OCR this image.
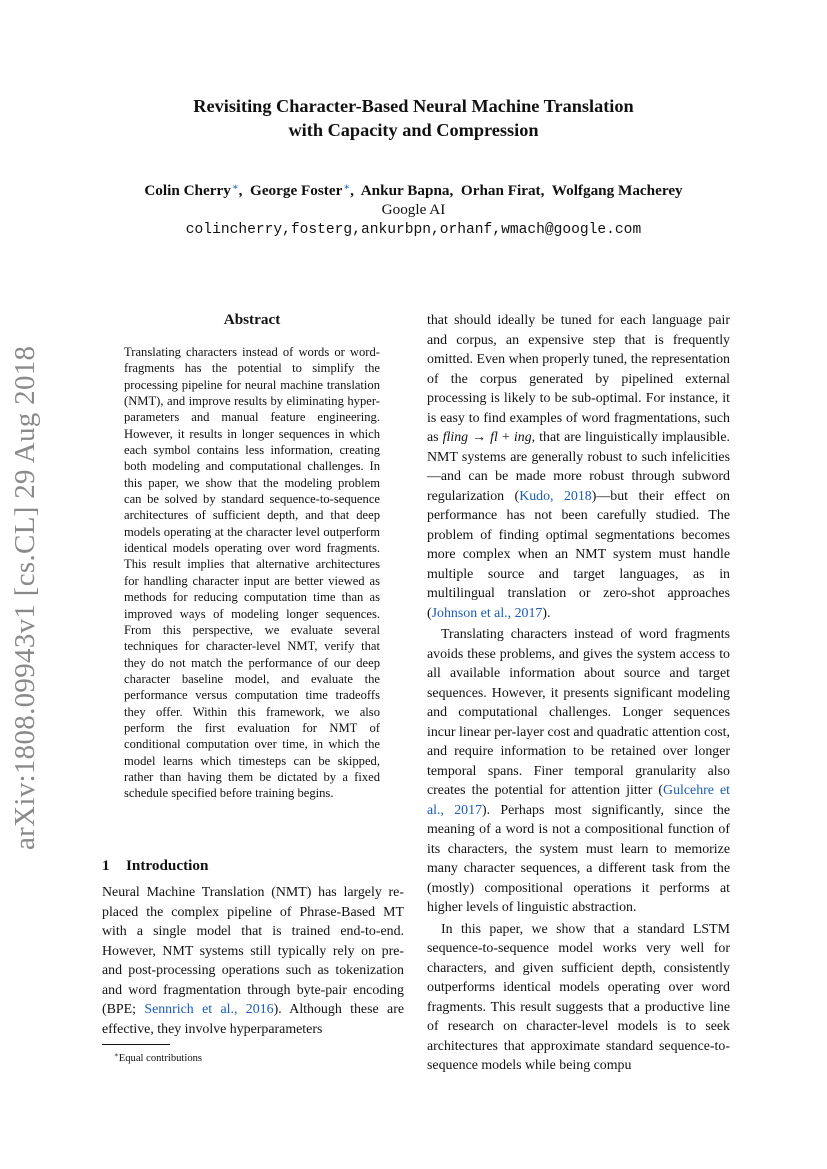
arXiv:1808.09943v1 [cs.CL] 29 Aug 2018
Revisiting Character-Based Neural Machine Translation
with Capacity and Compression
Colin Cherry∗,  George Foster∗,  Ankur Bapna,  Orhan Firat,  Wolfgang Macherey
Google AI
colincherry,fosterg,ankurbpn,orhanf,wmach@google.com
Abstract

Translating characters instead of words or word-fragments has the potential to simplify the processing pipeline for neural machine translation (NMT), and improve results by eliminating hyper-parameters and manual feature engineering. However, it results in longer sequences in which each symbol contains less information, creating both modeling and computational challenges. In this paper, we show that the modeling problem can be solved by standard sequence-to-sequence architectures of sufficient depth, and that deep models operating at the character level outperform identical models operating over word fragments. This result implies that alternative architectures for handling character input are better viewed as methods for reducing computation time than as improved ways of modeling longer sequences. From this perspective, we evaluate several techniques for character-level NMT, verify that they do not match the performance of our deep character baseline model, and evaluate the performance versus computation time tradeoffs they offer. Within this framework, we also perform the first evaluation for NMT of conditional computation over time, in which the model learns which timesteps can be skipped, rather than having them be dictated by a fixed schedule specified before training begins.

1 Introduction

Neural Machine Translation (NMT) has largely replaced the complex pipeline of Phrase-Based MT with a single model that is trained end-to-end. However, NMT systems still typically rely on pre- and post-processing operations such as tokenization and word fragmentation through byte-pair encoding (BPE; Sennrich et al., 2016). Although these are effective, they involve hyperparameters

∗Equal contributions

that should ideally be tuned for each language pair and corpus, an expensive step that is frequently omitted. Even when properly tuned, the representation of the corpus generated by pipelined external processing is likely to be sub-optimal. For instance, it is easy to find examples of word fragmentations, such as fling → fl + ing, that are linguistically implausible. NMT systems are generally robust to such infelicities—and can be made more robust through subword regularization (Kudo, 2018)—but their effect on performance has not been carefully studied. The problem of finding optimal segmentations becomes more complex when an NMT system must handle multiple source and target languages, as in multilingual translation or zero-shot approaches (Johnson et al., 2017).

Translating characters instead of word fragments avoids these problems, and gives the system access to all available information about source and target sequences. However, it presents significant modeling and computational challenges. Longer sequences incur linear per-layer cost and quadratic attention cost, and require information to be retained over longer temporal spans. Finer temporal granularity also creates the potential for attention jitter (Gulcehre et al., 2017). Perhaps most significantly, since the meaning of a word is not a compositional function of its characters, the system must learn to memorize many character sequences, a different task from the (mostly) compositional operations it performs at higher levels of linguistic abstraction.

In this paper, we show that a standard LSTM sequence-to-sequence model works very well for characters, and given sufficient depth, consistently outperforms identical models operating over word fragments. This result suggests that a productive line of research on character-level models is to seek architectures that approximate standard sequence-to-sequence models while being compu
